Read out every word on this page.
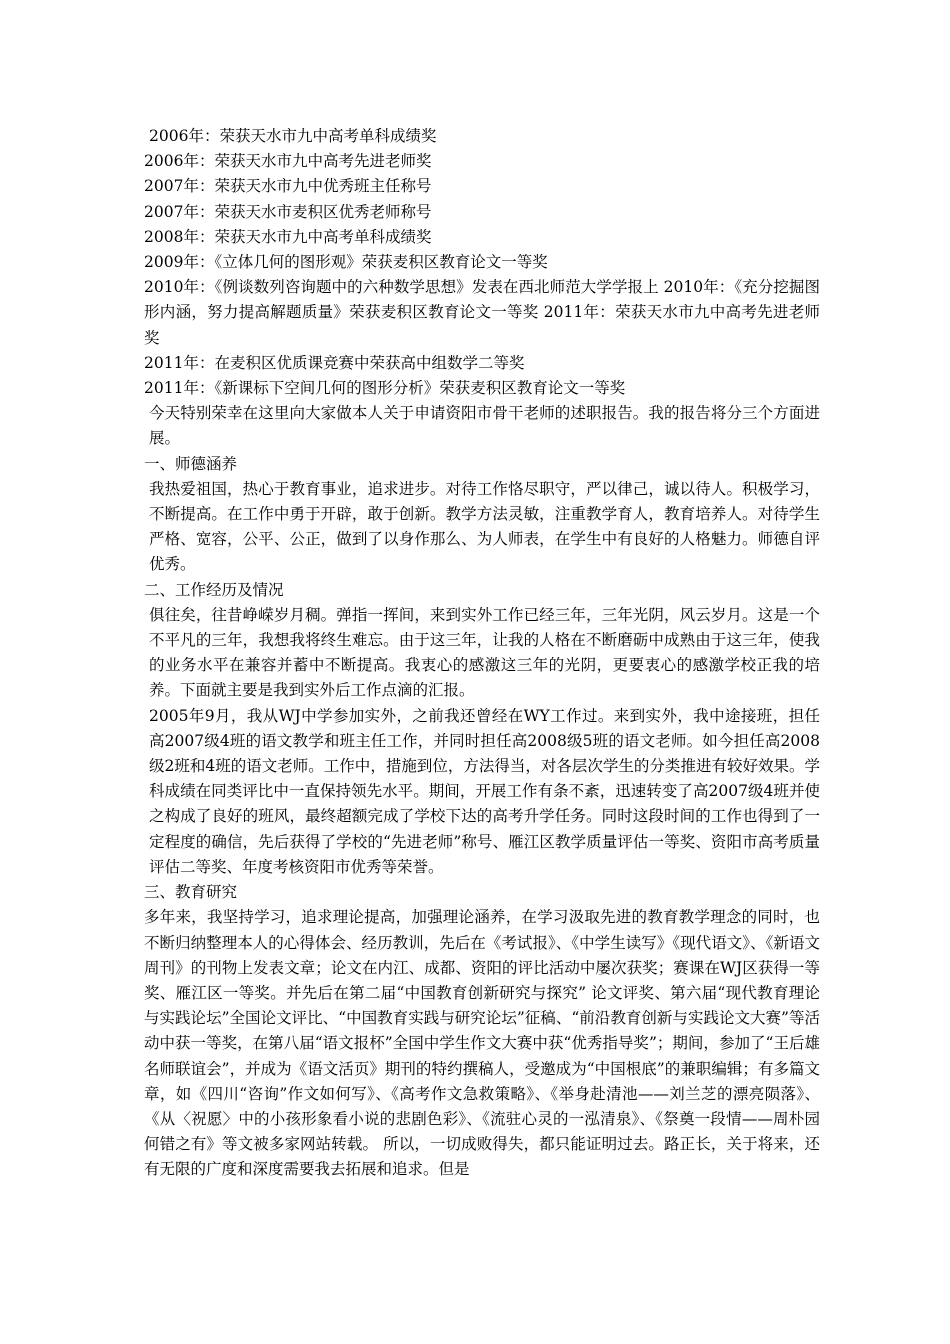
2006年：荣获天水市九中高考单科成绩奖

2006年：荣获天水市九中高考先进老师奖

2007年：荣获天水市九中优秀班主任称号

2007年：荣获天水市麦积区优秀老师称号

2008年：荣获天水市九中高考单科成绩奖

2009年：《立体几何的图形观》荣获麦积区教育论文一等奖

2010年：《例谈数列咨询题中的六种数学思想》发表在西北师范大学学报上 2010年：《充分挖掘图形内涵，努力提高解题质量》荣获麦积区教育论文一等奖 2011年：荣获天水市九中高考先进老师奖

2011年：在麦积区优质课竞赛中荣获高中组数学二等奖

2011年：《新课标下空间几何的图形分析》荣获麦积区教育论文一等奖

今天特别荣幸在这里向大家做本人关于申请资阳市骨干老师的述职报告。我的报告将分三个方面进展。

一、师德涵养

我热爱祖国，热心于教育事业，追求进步。对待工作恪尽职守，严以律己，诚以待人。积极学习，不断提高。在工作中勇于开辟，敢于创新。教学方法灵敏，注重教学育人，教育培养人。对待学生严格、宽容，公平、公正，做到了以身作那么、为人师表，在学生中有良好的人格魅力。师德自评优秀。

二、工作经历及情况

俱往矣，往昔峥嵘岁月稠。弹指一挥间，来到实外工作已经三年，三年光阴，风云岁月。这是一个不平凡的三年，我想我将终生难忘。由于这三年，让我的人格在不断磨砺中成熟由于这三年，使我的业务水平在兼容并蓄中不断提高。我衷心的感激这三年的光阴，更要衷心的感激学校正我的培养。下面就主要是我到实外后工作点滴的汇报。

2005年9月，我从WJ中学参加实外，之前我还曾经在WY工作过。来到实外，我中途接班，担任高2007级4班的语文教学和班主任工作，并同时担任高2008级5班的语文老师。如今担任高2008级2班和4班的语文老师。工作中，措施到位，方法得当，对各层次学生的分类推进有较好效果。学科成绩在同类评比中一直保持领先水平。期间，开展工作有条不紊，迅速转变了高2007级4班并使之构成了良好的班风，最终超额完成了学校下达的高考升学任务。同时这段时间的工作也得到了一定程度的确信，先后获得了学校的“先进老师”称号、雁江区教学质量评估一等奖、资阳市高考质量评估二等奖、年度考核资阳市优秀等荣誉。

三、教育研究

多年来，我坚持学习，追求理论提高，加强理论涵养，在学习汲取先进的教育教学理念的同时，也不断归纳整理本人的心得体会、经历教训，先后在《考试报》、《中学生读写》《现代语文》、《新语文周刊》的刊物上发表文章；论文在内江、成都、资阳的评比活动中屡次获奖；赛课在WJ区获得一等奖、雁江区一等奖。并先后在第二届“中国教育创新研究与探究” 论文评奖、第六届“现代教育理论与实践论坛”全国论文评比、“中国教育实践与研究论坛”征稿、“前沿教育创新与实践论文大赛”等活动中获一等奖，在第八届“语文报杯”全国中学生作文大赛中获“优秀指导奖”；期间，参加了“王后雄名师联谊会”，并成为《语文活页》期刊的特约撰稿人，受邀成为“中国根底”的兼职编辑；有多篇文章，如《四川“咨询”作文如何写》、《高考作文急救策略》、《举身赴清池——刘兰芝的漂亮陨落》、《从〈祝愿〉中的小孩形象看小说的悲剧色彩》、《流驻心灵的一泓清泉》、《祭奠一段情——周朴园何错之有》等文被多家网站转载。 所以，一切成败得失，都只能证明过去。路正长，关于将来，还有无限的广度和深度需要我去拓展和追求。但是
